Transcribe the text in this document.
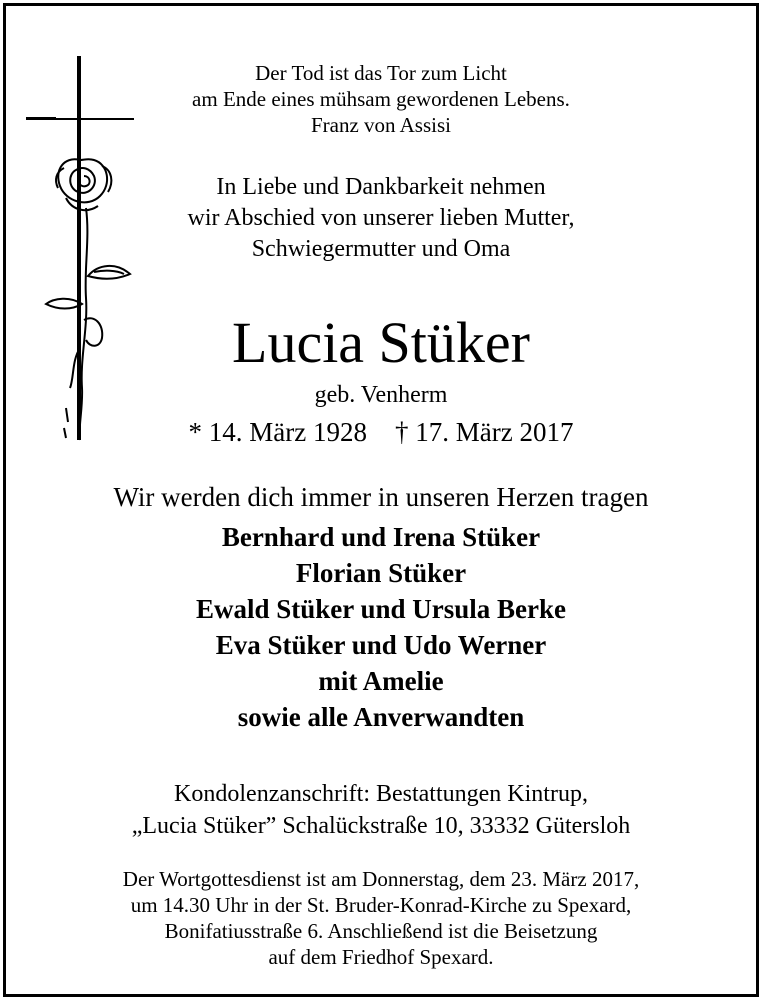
Der Tod ist das Tor zum Licht
am Ende eines mühsam gewordenen Lebens.
Franz von Assisi
In Liebe und Dankbarkeit nehmen
wir Abschied von unserer lieben Mutter,
Schwiegermutter und Oma
Lucia Stüker
geb. Venherm
* 14. März 1928 † 17. März 2017
Wir werden dich immer in unseren Herzen tragen
Bernhard und Irena Stüker
Florian Stüker
Ewald Stüker und Ursula Berke
Eva Stüker und Udo Werner
mit Amelie
sowie alle Anverwandten
Kondolenzanschrift: Bestattungen Kintrup,
„Lucia Stüker” Schalückstraße 10, 33332 Gütersloh
Der Wortgottesdienst ist am Donnerstag, dem 23. März 2017,
um 14.30 Uhr in der St. Bruder-Konrad-Kirche zu Spexard,
Bonifatiusstraße 6. Anschließend ist die Beisetzung
auf dem Friedhof Spexard.
